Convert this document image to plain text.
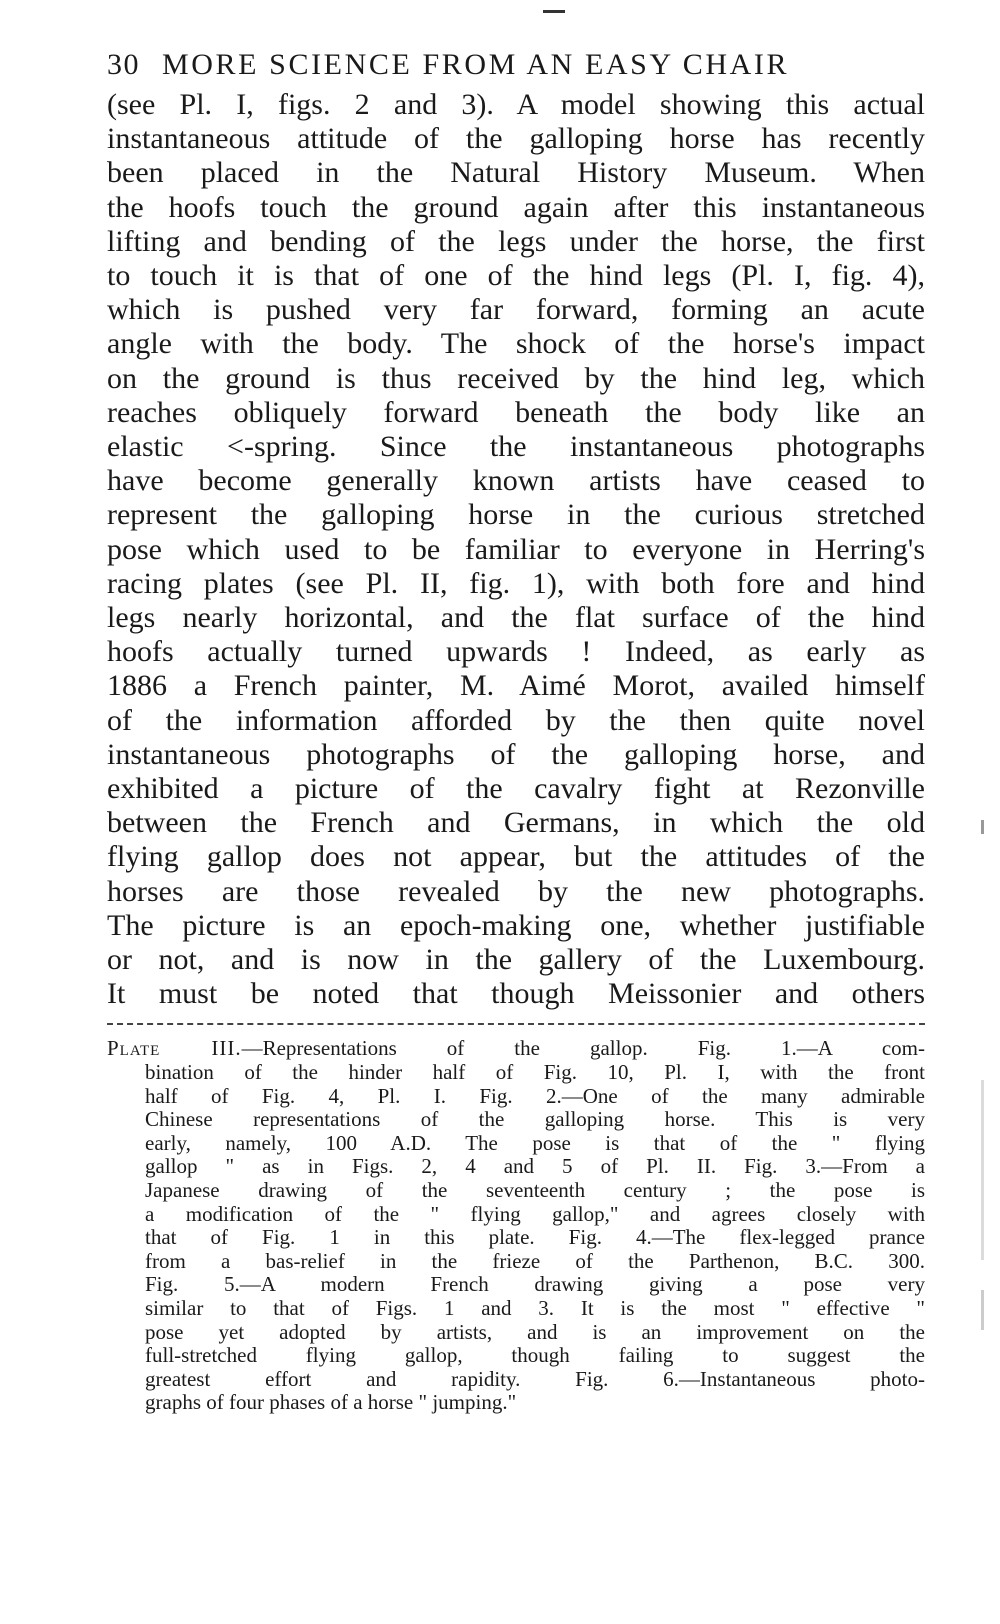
30 MORE SCIENCE FROM AN EASY CHAIR
(see Pl. I, figs. 2 and 3). A model showing this actual
instantaneous attitude of the galloping horse has recently
been placed in the Natural History Museum. When
the hoofs touch the ground again after this instantaneous
lifting and bending of the legs under the horse, the first
to touch it is that of one of the hind legs (Pl. I, fig. 4),
which is pushed very far forward, forming an acute
angle with the body. The shock of the horse's impact
on the ground is thus received by the hind leg, which
reaches obliquely forward beneath the body like an
elastic <-spring. Since the instantaneous photographs
have become generally known artists have ceased to
represent the galloping horse in the curious stretched
pose which used to be familiar to everyone in Herring's
racing plates (see Pl. II, fig. 1), with both fore and hind
legs nearly horizontal, and the flat surface of the hind
hoofs actually turned upwards ! Indeed, as early as
1886 a French painter, M. Aimé Morot, availed himself
of the information afforded by the then quite novel
instantaneous photographs of the galloping horse, and
exhibited a picture of the cavalry fight at Rezonville
between the French and Germans, in which the old
flying gallop does not appear, but the attitudes of the
horses are those revealed by the new photographs.
The picture is an epoch-making one, whether justifiable
or not, and is now in the gallery of the Luxembourg.
It must be noted that though Meissonier and others
Plate III.—Representations of the gallop. Fig. 1.—A com-
bination of the hinder half of Fig. 10, Pl. I, with the front
half of Fig. 4, Pl. I. Fig. 2.—One of the many admirable
Chinese representations of the galloping horse. This is very
early, namely, 100 A.D. The pose is that of the " flying
gallop " as in Figs. 2, 4 and 5 of Pl. II. Fig. 3.—From a
Japanese drawing of the seventeenth century ; the pose is
a modification of the " flying gallop," and agrees closely with
that of Fig. 1 in this plate. Fig. 4.—The flex-legged prance
from a bas-relief in the frieze of the Parthenon, B.C. 300.
Fig. 5.—A modern French drawing giving a pose very
similar to that of Figs. 1 and 3. It is the most " effective "
pose yet adopted by artists, and is an improvement on the
full-stretched flying gallop, though failing to suggest the
greatest effort and rapidity. Fig. 6.—Instantaneous photo-
graphs of four phases of a horse " jumping."
